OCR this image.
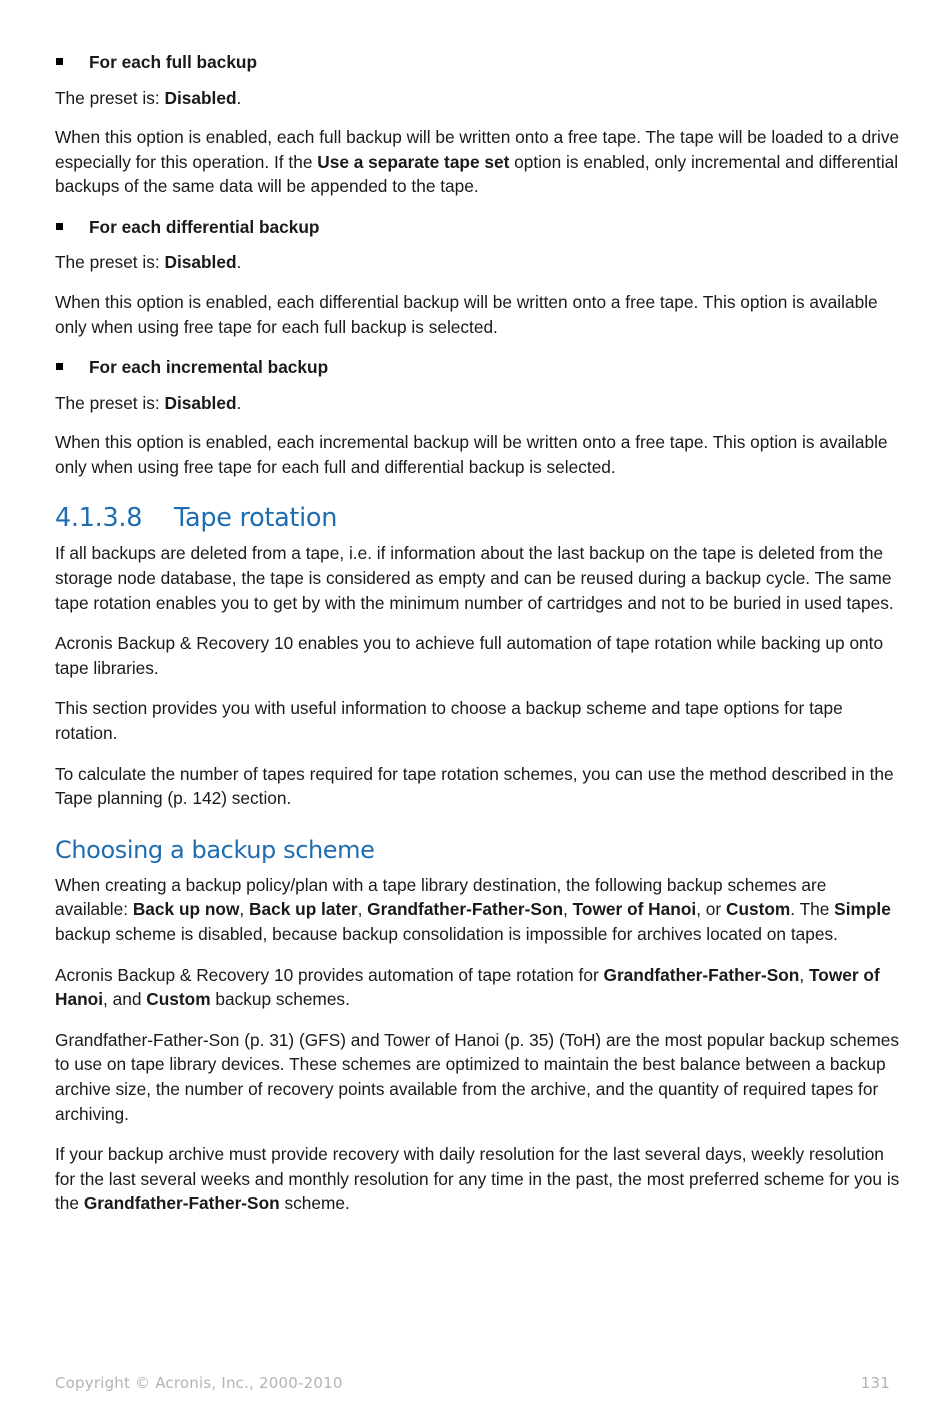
For each full backup

The preset is: Disabled.

When this option is enabled, each full backup will be written onto a free tape. The tape will be loaded to a drive especially for this operation. If the Use a separate tape set option is enabled, only incremental and differential backups of the same data will be appended to the tape.

For each differential backup

The preset is: Disabled.

When this option is enabled, each differential backup will be written onto a free tape. This option is available only when using free tape for each full backup is selected.

For each incremental backup

The preset is: Disabled.

When this option is enabled, each incremental backup will be written onto a free tape. This option is available only when using free tape for each full and differential backup is selected.

4.1.3.8 Tape rotation

If all backups are deleted from a tape, i.e. if information about the last backup on the tape is deleted from the storage node database, the tape is considered as empty and can be reused during a backup cycle. The same tape rotation enables you to get by with the minimum number of cartridges and not to be buried in used tapes.

Acronis Backup & Recovery 10 enables you to achieve full automation of tape rotation while backing up onto tape libraries.

This section provides you with useful information to choose a backup scheme and tape options for tape rotation.

To calculate the number of tapes required for tape rotation schemes, you can use the method described in the Tape planning (p. 142) section.

Choosing a backup scheme

When creating a backup policy/plan with a tape library destination, the following backup schemes are available: Back up now, Back up later, Grandfather-Father-Son, Tower of Hanoi, or Custom. The Simple backup scheme is disabled, because backup consolidation is impossible for archives located on tapes.

Acronis Backup & Recovery 10 provides automation of tape rotation for Grandfather-Father-Son, Tower of Hanoi, and Custom backup schemes.

Grandfather-Father-Son (p. 31) (GFS) and Tower of Hanoi (p. 35) (ToH) are the most popular backup schemes to use on tape library devices. These schemes are optimized to maintain the best balance between a backup archive size, the number of recovery points available from the archive, and the quantity of required tapes for archiving.

If your backup archive must provide recovery with daily resolution for the last several days, weekly resolution for the last several weeks and monthly resolution for any time in the past, the most preferred scheme for you is the Grandfather-Father-Son scheme.

Copyright © Acronis, Inc., 2000-2010	131
